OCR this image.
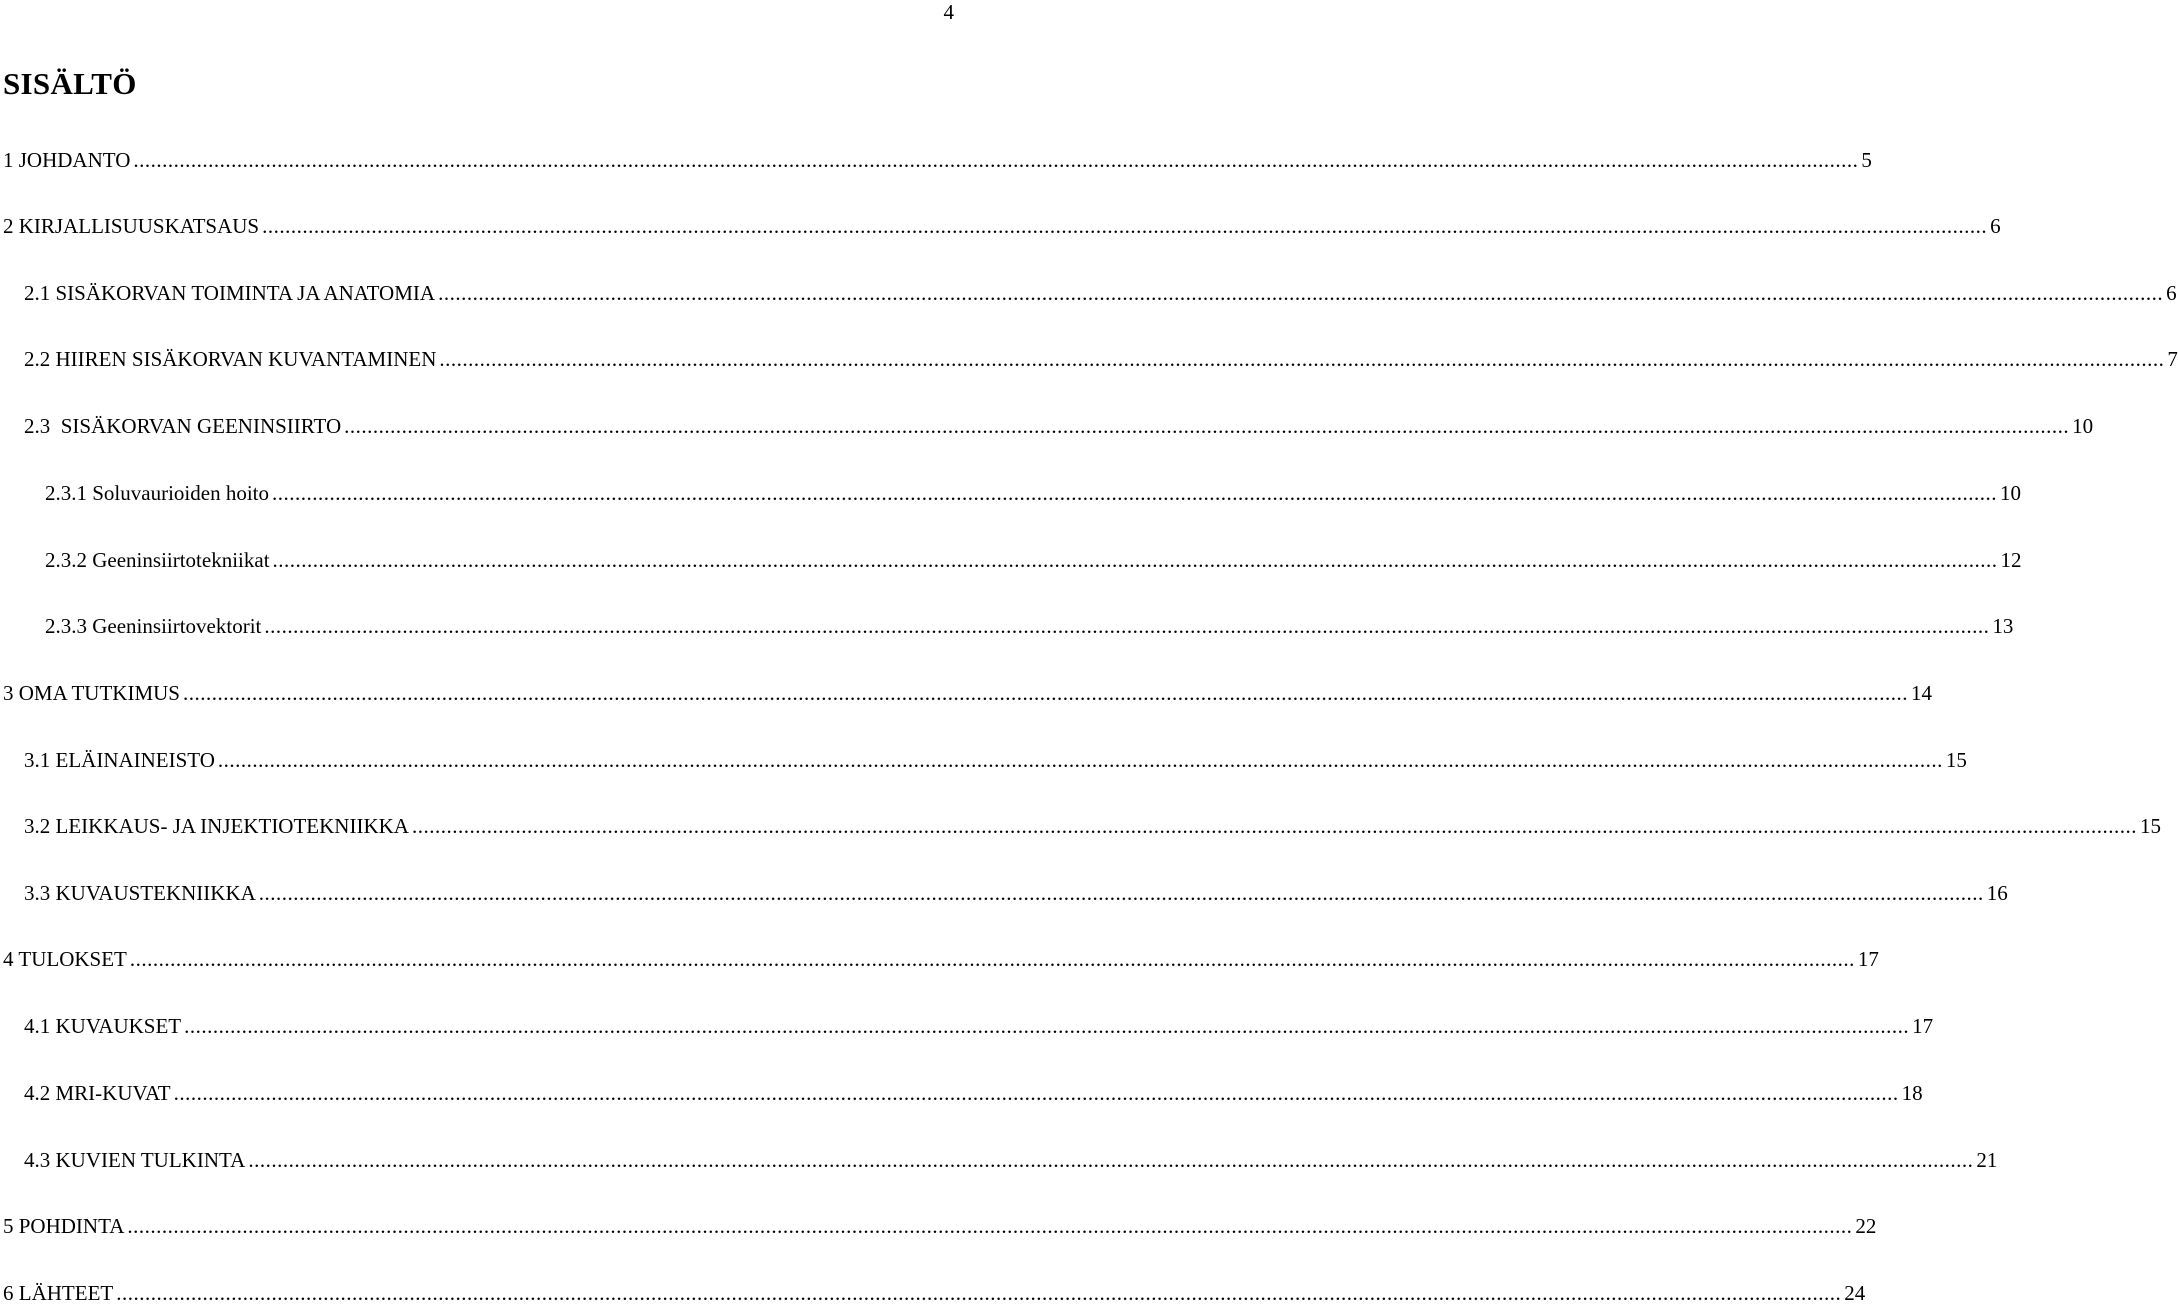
4
SISÄLTÖ
1 JOHDANTO ............................................................................................................................................................................................................................................................................................................ 5
2 KIRJALLISUUSKATSAUS ............................................................................................................................................................................................................................................................................................................ 6
2.1 SISÄKORVAN TOIMINTA JA ANATOMIA ............................................................................................................................................................................................................................................................................................................ 6
2.2 HIIREN SISÄKORVAN KUVANTAMINEN ............................................................................................................................................................................................................................................................................................................ 7
2.3  SISÄKORVAN GEENINSIIRTO ............................................................................................................................................................................................................................................................................................................ 10
2.3.1 Soluvaurioiden hoito ............................................................................................................................................................................................................................................................................................................ 10
2.3.2 Geeninsiirtotekniikat ............................................................................................................................................................................................................................................................................................................ 12
2.3.3 Geeninsiirtovektorit ............................................................................................................................................................................................................................................................................................................ 13
3 OMA TUTKIMUS ............................................................................................................................................................................................................................................................................................................ 14
3.1 ELÄINAINEISTO ............................................................................................................................................................................................................................................................................................................ 15
3.2 LEIKKAUS- JA INJEKTIOTEKNIIKKA ............................................................................................................................................................................................................................................................................................................ 15
3.3 KUVAUSTEKNIIKKA ............................................................................................................................................................................................................................................................................................................ 16
4 TULOKSET ............................................................................................................................................................................................................................................................................................................ 17
4.1 KUVAUKSET ............................................................................................................................................................................................................................................................................................................ 17
4.2 MRI-KUVAT ............................................................................................................................................................................................................................................................................................................ 18
4.3 KUVIEN TULKINTA ............................................................................................................................................................................................................................................................................................................ 21
5 POHDINTA ............................................................................................................................................................................................................................................................................................................ 22
6 LÄHTEET ............................................................................................................................................................................................................................................................................................................ 24
